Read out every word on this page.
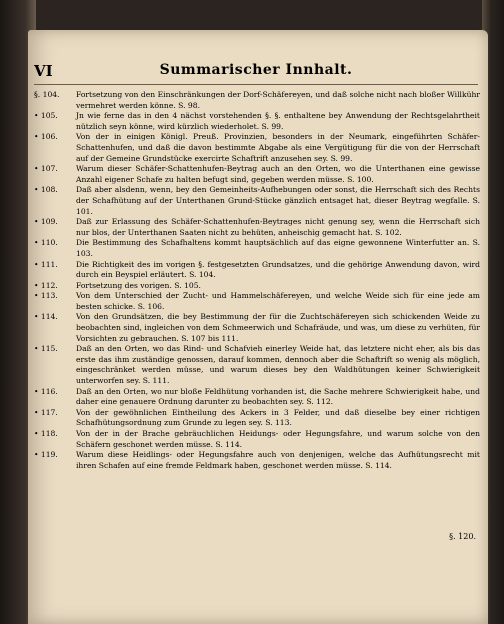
VI	Summarischer Innhalt.
§. 104.	Fortsetzung von den Einschränkungen der Dorf-Schäfereyen, und daß solche nicht nach bloßer Willkühr vermehret werden könne. S. 98.
• 105.	Jn wie ferne das in den 4 nächst vorstehenden §. §. enthaltene bey Anwendung der Rechtsgelahrtheit nützlich seyn könne, wird kürzlich wiederholet. S. 99.
• 106.	Von der in einigen Königl. Preuß. Provinzien, besonders in der Neumark, eingeführten Schäfer-Schattenhufen, und daß die davon bestimmte Abgabe als eine Vergütigung für die von der Herrschaft auf der Gemeine Grundstücke exercirte Schaftrift anzusehen sey. S. 99.
• 107.	Warum dieser Schäfer-Schattenhufen-Beytrag auch an den Orten, wo die Unterthanen eine gewisse Anzahl eigener Schafe zu halten befugt sind, gegeben werden müsse. S. 100.
• 108.	Daß aber alsdenn, wenn, bey den Gemeinheits-Aufhebungen oder sonst, die Herrschaft sich des Rechts der Schafhütung auf der Unterthanen Grund-Stücke gänzlich entsaget hat, dieser Beytrag wegfalle. S. 101.
• 109.	Daß zur Erlassung des Schäfer-Schattenhufen-Beytrages nicht genung sey, wenn die Herrschaft sich nur blos, der Unterthanen Saaten nicht zu behüten, anheischig gemacht hat. S. 102.
• 110.	Die Bestimmung des Schafhaltens kommt hauptsächlich auf das eigne gewonnene Winterfutter an. S. 103.
• 111.	Die Richtigkeit des im vorigen §. festgesetzten Grundsatzes, und die gehörige Anwendung davon, wird durch ein Beyspiel erläutert. S. 104.
• 112.	Fortsetzung des vorigen. S. 105.
• 113.	Von dem Unterschied der Zucht- und Hammelschäfereyen, und welche Weide sich für eine jede am besten schicke. S. 106.
• 114.	Von den Grundsätzen, die bey Bestimmung der für die Zuchtschäfereyen sich schickenden Weide zu beobachten sind, ingleichen von dem Schmeerwich und Schafräude, und was, um diese zu verhüten, für Vorsichten zu gebrauchen. S. 107 bis 111.
• 115.	Daß an den Orten, wo das Rind- und Schafvieh einerley Weide hat, das letztere nicht eher, als bis das erste das ihm zuständige genossen, darauf kommen, dennoch aber die Schaftrift so wenig als möglich, eingeschränket werden müsse, und warum dieses bey den Waldhütungen keiner Schwierigkeit unterworfen sey. S. 111.
• 116.	Daß an den Orten, wo nur bloße Feldhütung vorhanden ist, die Sache mehrere Schwierigkeit habe, und daher eine genauere Ordnung darunter zu beobachten sey. S. 112.
• 117.	Von der gewöhnlichen Eintheilung des Ackers in 3 Felder, und daß dieselbe bey einer richtigen Schafhütungsordnung zum Grunde zu legen sey. S. 113.
• 118.	Von der in der Brache gebräuchlichen Heidungs- oder Hegungsfahre, und warum solche von den Schäfern geschonet werden müsse. S. 114.
• 119.	Warum diese Heidlings- oder Hegungsfahre auch von denjenigen, welche das Aufhütungsrecht mit ihren Schafen auf eine fremde Feldmark haben, geschonet werden müsse. S. 114.
§. 120.
